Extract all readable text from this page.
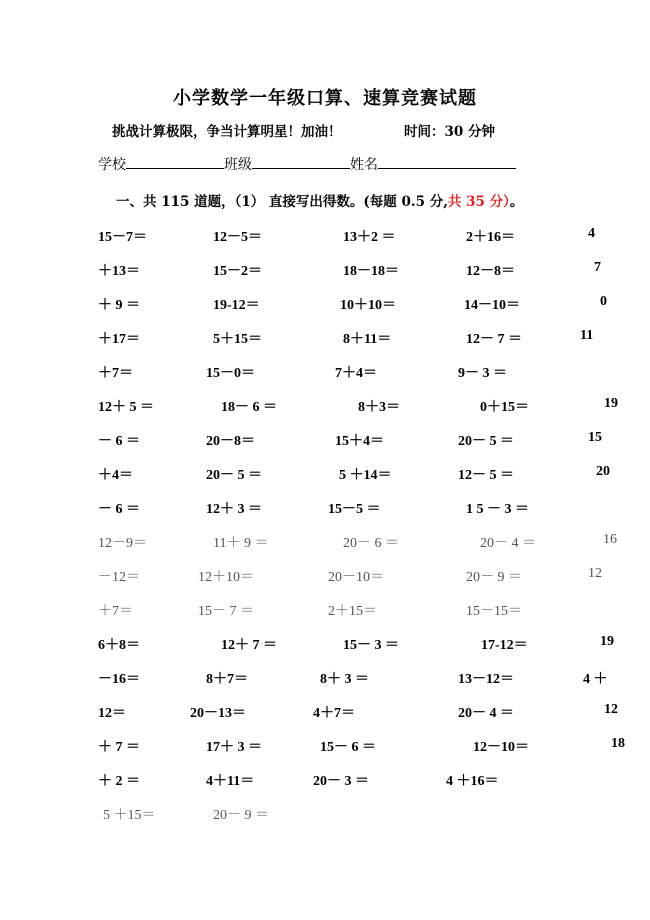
小学数学一年级口算、速算竞赛试题
挑战计算极限，争当计算明星！加油！	时间：30 分钟
学校	班级	姓名
一、共 115 道题，（1） 直接写出得数。(每题 0.5 分,共 35 分）。
15－7＝	12－5＝	13＋2 ＝	2＋16＝	4
＋13＝	15－2＝	18－18＝	12－8＝	7
＋ 9 ＝	19-12＝	10＋10＝	14－10＝	0
＋17＝	5＋15＝	8＋11＝	12－ 7 ＝	11
＋7＝	15－0＝	7＋4＝	9－ 3 ＝
12＋ 5 ＝	18－ 6 ＝	8＋3＝	0＋15＝	19
－ 6 ＝	20－8＝	15＋4＝	20－ 5 ＝	15
＋4＝	20－ 5 ＝	5 ＋14＝	12－ 5 ＝	20
－ 6 ＝	12＋ 3 ＝	15－5 ＝	1 5 － 3 ＝
12－9＝	11＋ 9 ＝	20－ 6 ＝	20－ 4 ＝	16
－12＝	12＋10＝	20－10＝	20－ 9 ＝	12
＋7＝	15－ 7 ＝	2＋15＝	15－15＝
6＋8＝	12＋ 7 ＝	15－ 3 ＝	17-12＝	19
－16＝	8＋7＝	8＋ 3 ＝	13－12＝	4 ＋
12＝	20－13＝	4＋7＝	20－ 4 ＝	12
＋ 7 ＝	17＋ 3 ＝	15－ 6 ＝	12－10＝	18
＋ 2 ＝	4＋11＝	20－ 3 ＝	4 ＋16＝
5 ＋15＝	20－ 9 ＝
